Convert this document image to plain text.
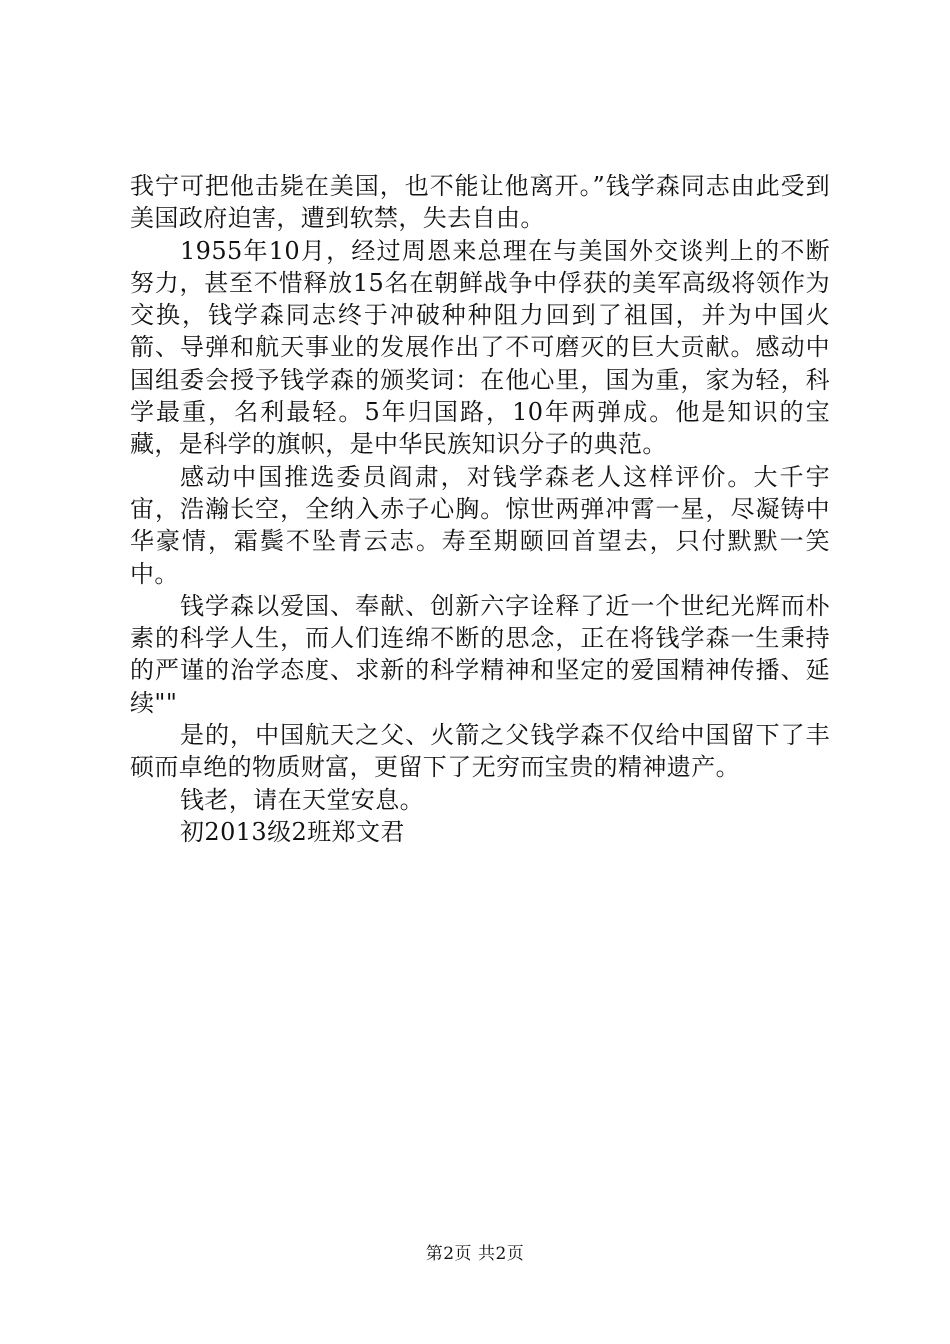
我宁可把他击毙在美国，也不能让他离开。”钱学森同志由此受到美国政府迫害，遭到软禁，失去自由。

1955年10月，经过周恩来总理在与美国外交谈判上的不断努力，甚至不惜释放15名在朝鲜战争中俘获的美军高级将领作为交换，钱学森同志终于冲破种种阻力回到了祖国，并为中国火箭、导弹和航天事业的发展作出了不可磨灭的巨大贡献。感动中国组委会授予钱学森的颁奖词：在他心里，国为重，家为轻，科学最重，名利最轻。5年归国路，10年两弹成。他是知识的宝藏，是科学的旗帜，是中华民族知识分子的典范。

感动中国推选委员阎肃，对钱学森老人这样评价。大千宇宙，浩瀚长空，全纳入赤子心胸。惊世两弹冲霄一星，尽凝铸中华豪情，霜鬓不坠青云志。寿至期颐回首望去，只付默默一笑中。

钱学森以爱国、奉献、创新六字诠释了近一个世纪光辉而朴素的科学人生，而人们连绵不断的思念，正在将钱学森一生秉持的严谨的治学态度、求新的科学精神和坚定的爱国精神传播、延续""

是的，中国航天之父、火箭之父钱学森不仅给中国留下了丰硕而卓绝的物质财富，更留下了无穷而宝贵的精神遗产。

钱老，请在天堂安息。

初2013级2班郑文君

第2页 共2页
